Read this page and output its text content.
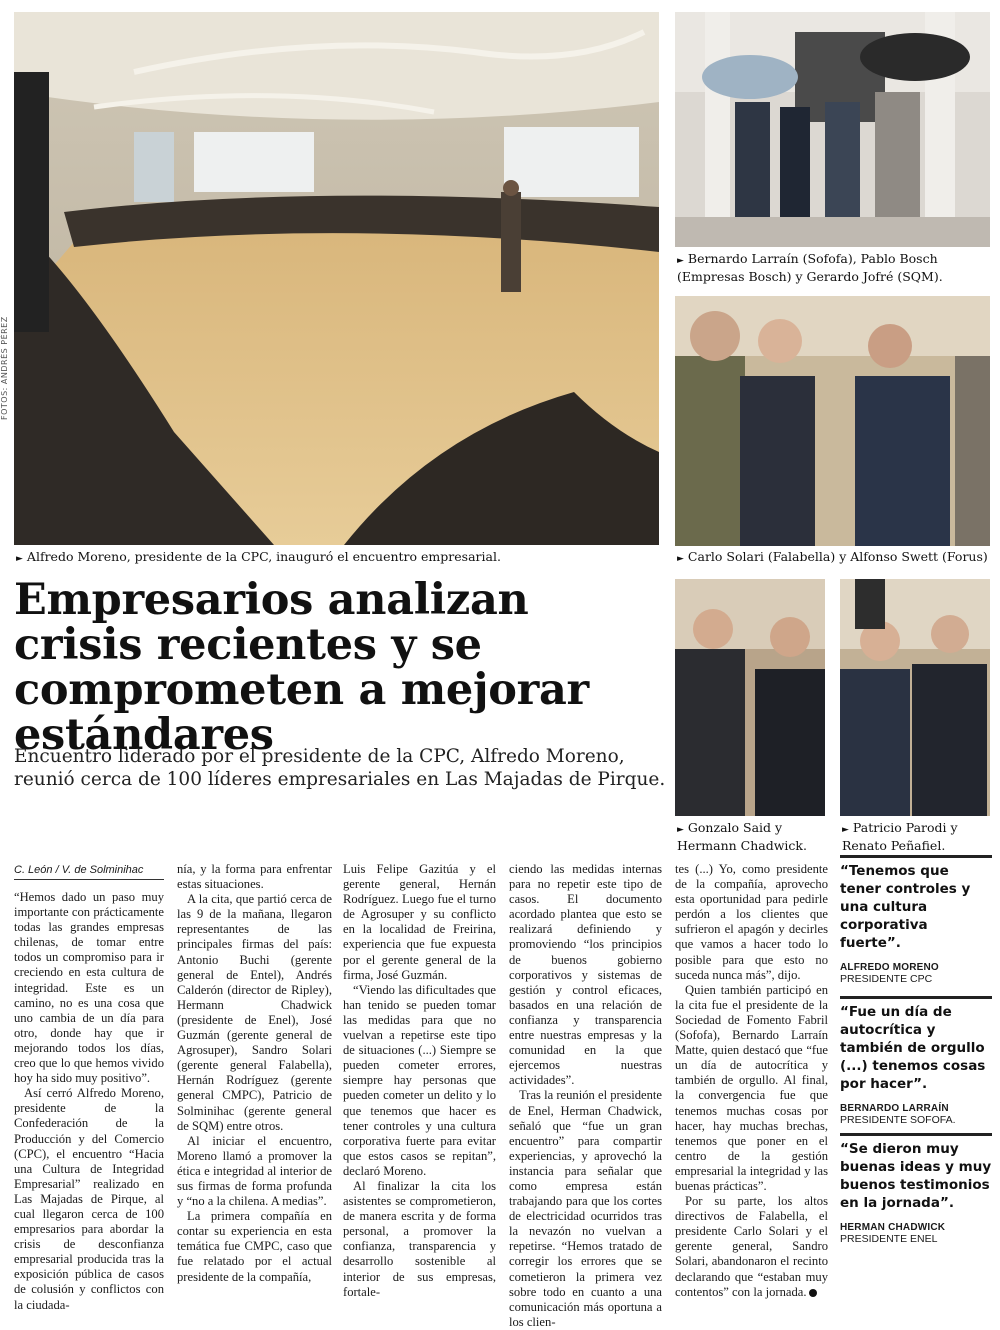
FOTOS: ANDRÉS PÉREZ
► Alfredo Moreno, presidente de la CPC, inauguró el encuentro empresarial.
► Bernardo Larraín (Sofofa), Pablo Bosch (Empresas Bosch) y Gerardo Jofré (SQM).
► Carlo Solari (Falabella) y Alfonso Swett (Forus)
► Gonzalo Said y Hermann Chadwick.
► Patricio Parodi y Renato Peñafiel.
Empresarios analizan crisis recientes y se comprometen a mejorar estándares

Encuentro liderado por el presidente de la CPC, Alfredo Moreno, reunió cerca de 100 líderes empresariales en Las Majadas de Pirque.

C. León / V. de Solminihac

“Hemos dado un paso muy importante con prácticamente todas las grandes empresas chilenas, de tomar entre todos un compromiso para ir creciendo en esta cultura de integridad. Este es un camino, no es una cosa que uno cambia de un día para otro, donde hay que ir mejorando todos los días, creo que lo que hemos vivido hoy ha sido muy positivo”.

Así cerró Alfredo Moreno, presidente de la Confederación de la Producción y del Comercio (CPC), el encuentro “Hacia una Cultura de Integridad Empresarial” realizado en Las Majadas de Pirque, al cual llegaron cerca de 100 empresarios para abordar la crisis de desconfianza empresarial producida tras la exposición pública de casos de colusión y conflictos con la ciudada-

nía, y la forma para enfrentar estas situaciones.

A la cita, que partió cerca de las 9 de la mañana, llegaron representantes de las principales firmas del país: Antonio Buchi (gerente general de Entel), Andrés Calderón (director de Ripley), Hermann Chadwick (presidente de Enel), José Guzmán (gerente general de Agrosuper), Sandro Solari (gerente general Falabella), Hernán Rodríguez (gerente general CMPC), Patricio de Solminihac (gerente general de SQM) entre otros.

Al iniciar el encuentro, Moreno llamó a promover la ética e integridad al interior de sus firmas de forma profunda y “no a la chilena. A medias”.

La primera compañía en contar su experiencia en esta temática fue CMPC, caso que fue relatado por el actual presidente de la compañía,

Luis Felipe Gazitúa y el gerente general, Hernán Rodríguez. Luego fue el turno de Agrosuper y su conflicto en la localidad de Freirina, experiencia que fue expuesta por el gerente general de la firma, José Guzmán.

“Viendo las dificultades que han tenido se pueden tomar las medidas para que no vuelvan a repetirse este tipo de situaciones (...) Siempre se pueden cometer errores, siempre hay personas que pueden cometer un delito y lo que tenemos que hacer es tener controles y una cultura corporativa fuerte para evitar que estos casos se repitan”, declaró Moreno.

Al finalizar la cita los asistentes se comprometieron, de manera escrita y de forma personal, a promover la confianza, transparencia y desarrollo sostenible al interior de sus empresas, fortale-

ciendo las medidas internas para no repetir este tipo de casos. El documento acordado plantea que esto se realizará definiendo y promoviendo “los principios de buenos gobierno corporativos y sistemas de gestión y control eficaces, basados en una relación de confianza y transparencia entre nuestras empresas y la comunidad en la que ejercemos nuestras actividades”.

Tras la reunión el presidente de Enel, Herman Chadwick, señaló que “fue un gran encuentro” para compartir experiencias, y aprovechó la instancia para señalar que como empresa están trabajando para que los cortes de electricidad ocurridos tras la nevazón no vuelvan a repetirse. “Hemos tratado de corregir los errores que se cometieron la primera vez sobre todo en cuanto a una comunicación más oportuna a los clien-

tes (...) Yo, como presidente de la compañía, aprovecho esta oportunidad para pedirle perdón a los clientes que sufrieron el apagón y decirles que vamos a hacer todo lo posible para que esto no suceda nunca más”, dijo.

Quien también participó en la cita fue el presidente de la Sociedad de Fomento Fabril (Sofofa), Bernardo Larraín Matte, quien destacó que “fue un día de autocrítica y también de orgullo. Al final, la convergencia fue que tenemos muchas cosas por hacer, hay muchas brechas, tenemos que poner en el centro de la gestión empresarial la integridad y las buenas prácticas”.

Por su parte, los altos directivos de Falabella, el presidente Carlo Solari y el gerente general, Sandro Solari, abandonaron el recinto declarando que “estaban muy contentos” con la jornada.

“Tenemos que tener controles y una cultura corporativa fuerte”.
ALFREDO MORENO
PRESIDENTE CPC
“Fue un día de autocrítica y también de orgullo (...) tenemos cosas por hacer”.
BERNARDO LARRAÍN
PRESIDENTE SOFOFA.
“Se dieron muy buenas ideas y muy buenos testimonios en la jornada”.
HERMAN CHADWICK
PRESIDENTE ENEL
